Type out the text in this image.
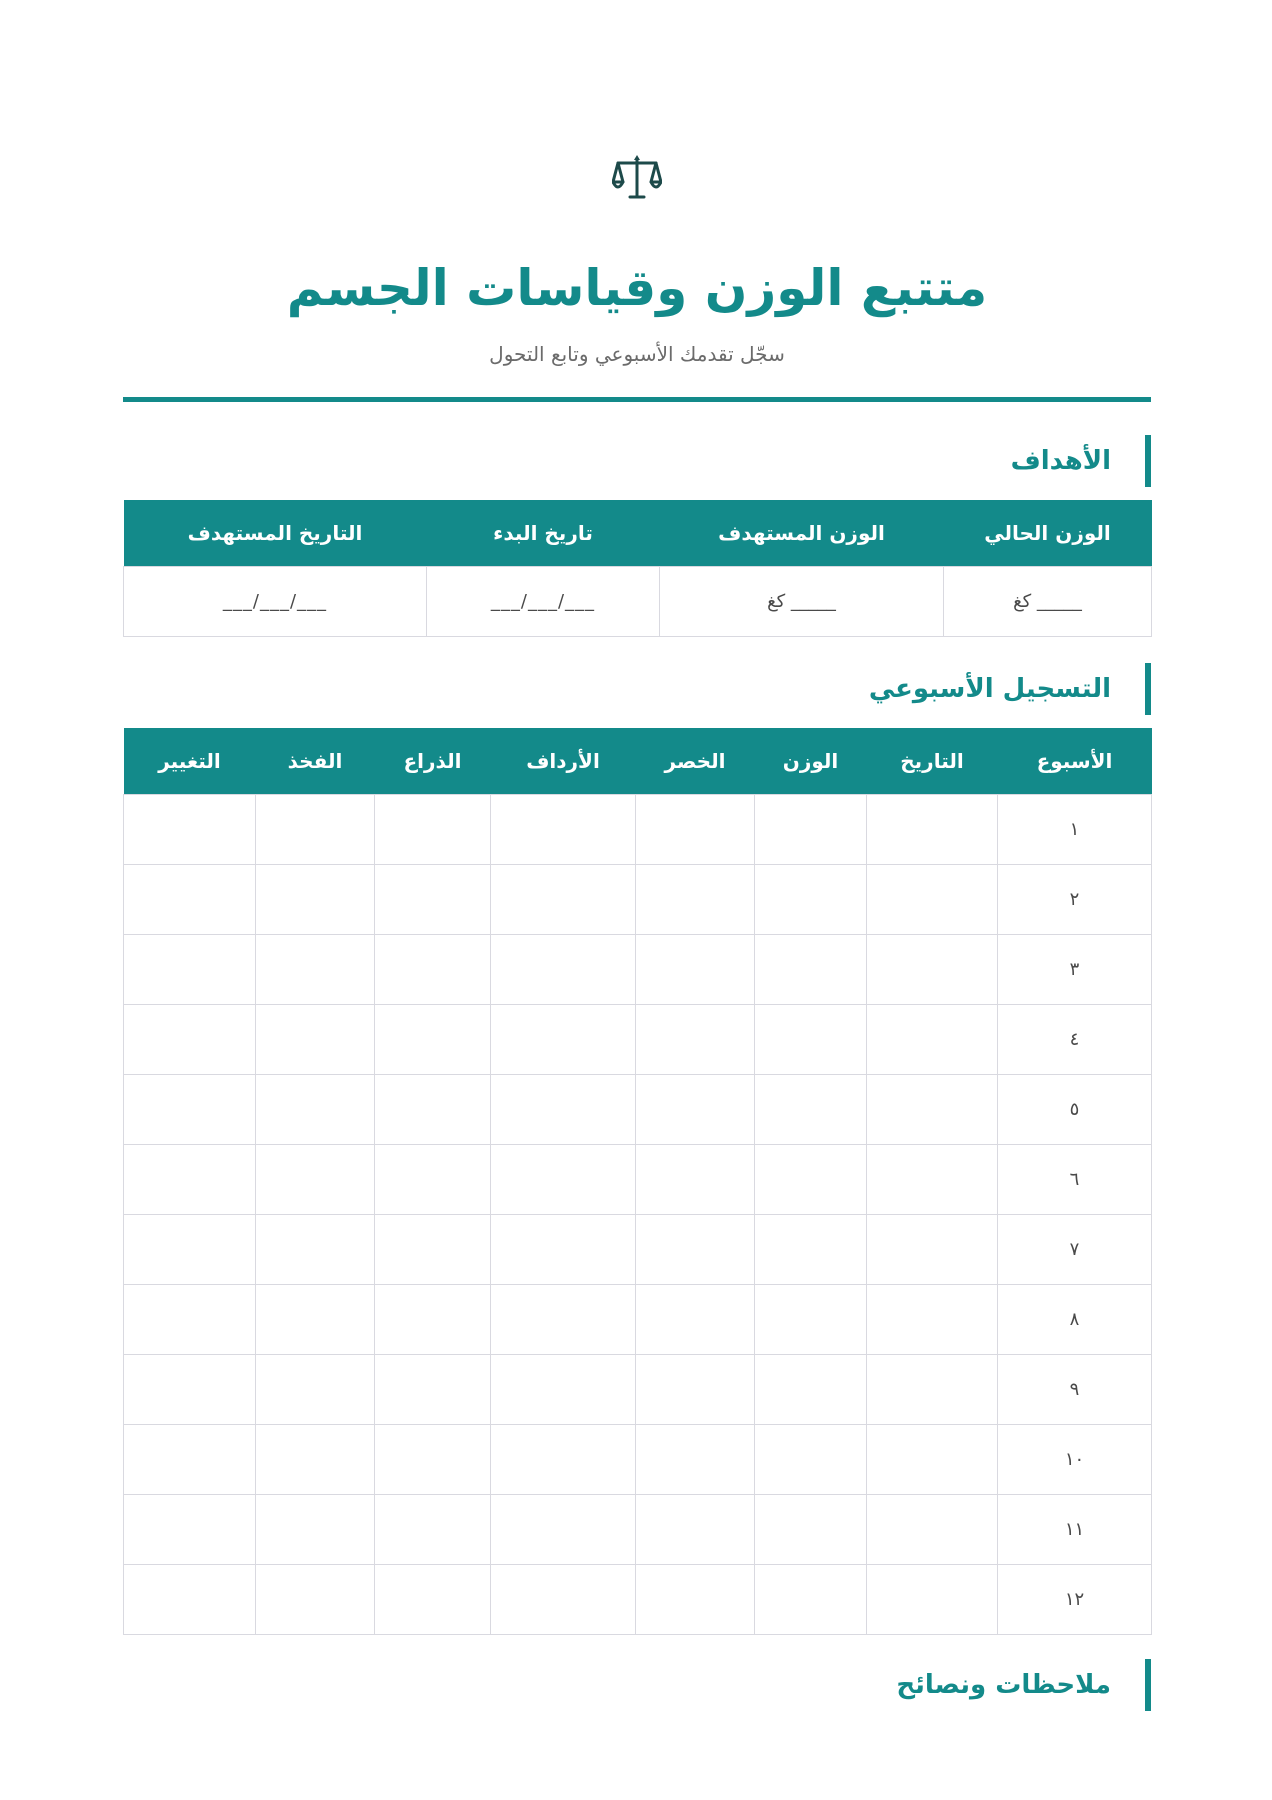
متتبع الوزن وقياسات الجسم

سجّل تقدمك الأسبوعي وتابع التحول

الأهداف
الوزن الحالي	الوزن المستهدف	تاريخ البدء	التاريخ المستهدف
_____ كغ	_____ كغ	___/___/___	___/___/___
التسجيل الأسبوعي
الأسبوع	التاريخ	الوزن	الخصر	الأرداف	الذراع	الفخذ	التغيير
١							
٢							
٣							
٤							
٥							
٦							
٧							
٨							
٩							
١٠							
١١							
١٢							
ملاحظات ونصائح
